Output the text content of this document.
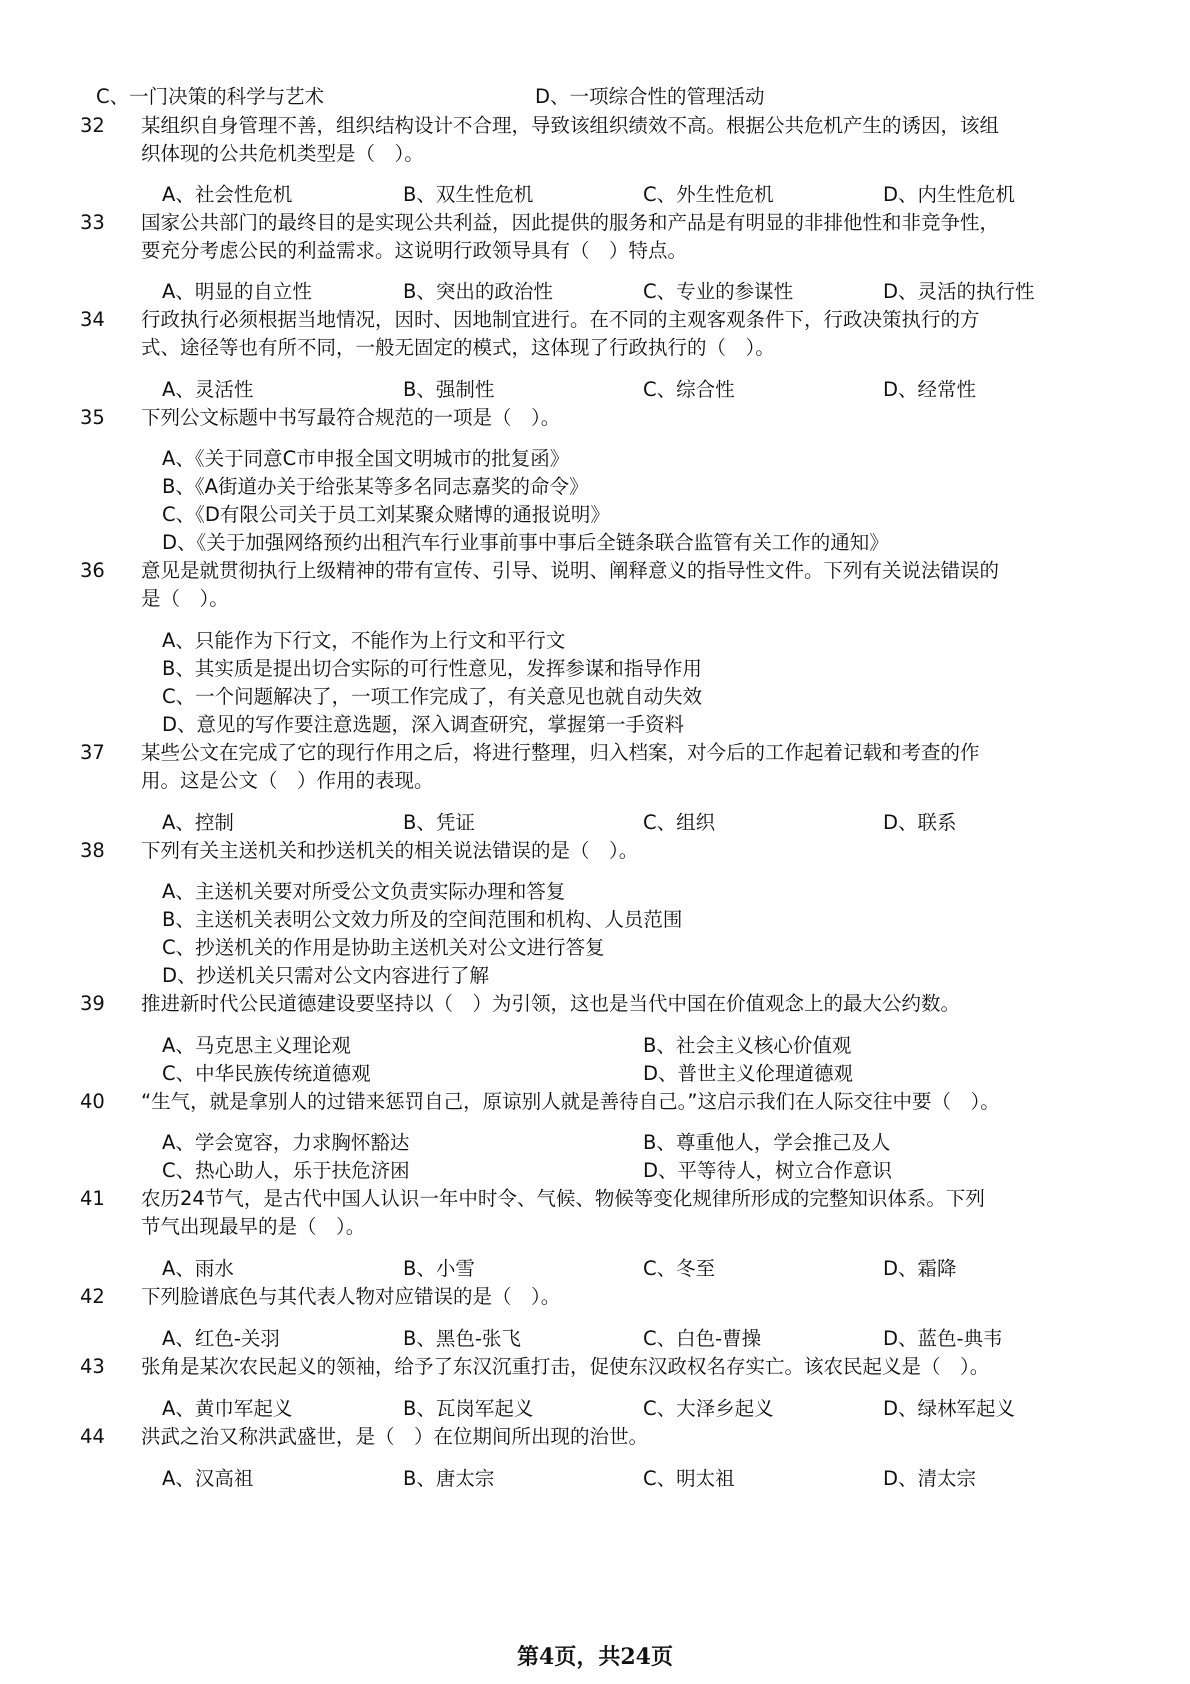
C、一门决策的科学与艺术	D、一项综合性的管理活动
32 某组织自身管理不善，组织结构设计不合理，导致该组织绩效不高。根据公共危机产生的诱因，该组
织体现的公共危机类型是（　）。
A、社会性危机	B、双生性危机	C、外生性危机	D、内生性危机
33 国家公共部门的最终目的是实现公共利益，因此提供的服务和产品是有明显的非排他性和非竞争性，
要充分考虑公民的利益需求。这说明行政领导具有（　）特点。
A、明显的自立性	B、突出的政治性	C、专业的参谋性	D、灵活的执行性
34 行政执行必须根据当地情况，因时、因地制宜进行。在不同的主观客观条件下，行政决策执行的方
式、途径等也有所不同，一般无固定的模式，这体现了行政执行的（　）。
A、灵活性	B、强制性	C、综合性	D、经常性
35 下列公文标题中书写最符合规范的一项是（　）。
A、《关于同意C市申报全国文明城市的批复函》
B、《A街道办关于给张某等多名同志嘉奖的命令》
C、《D有限公司关于员工刘某聚众赌博的通报说明》
D、《关于加强网络预约出租汽车行业事前事中事后全链条联合监管有关工作的通知》
36 意见是就贯彻执行上级精神的带有宣传、引导、说明、阐释意义的指导性文件。下列有关说法错误的
是（　）。
A、只能作为下行文，不能作为上行文和平行文
B、其实质是提出切合实际的可行性意见，发挥参谋和指导作用
C、一个问题解决了，一项工作完成了，有关意见也就自动失效
D、意见的写作要注意选题，深入调查研究，掌握第一手资料
37 某些公文在完成了它的现行作用之后，将进行整理，归入档案，对今后的工作起着记载和考查的作
用。这是公文（　）作用的表现。
A、控制	B、凭证	C、组织	D、联系
38 下列有关主送机关和抄送机关的相关说法错误的是（　）。
A、主送机关要对所受公文负责实际办理和答复
B、主送机关表明公文效力所及的空间范围和机构、人员范围
C、抄送机关的作用是协助主送机关对公文进行答复
D、抄送机关只需对公文内容进行了解
39 推进新时代公民道德建设要坚持以（　）为引领，这也是当代中国在价值观念上的最大公约数。
A、马克思主义理论观	B、社会主义核心价值观
C、中华民族传统道德观	D、普世主义伦理道德观
40 “生气，就是拿别人的过错来惩罚自己，原谅别人就是善待自己。”这启示我们在人际交往中要（　）。
A、学会宽容，力求胸怀豁达	B、尊重他人，学会推己及人
C、热心助人，乐于扶危济困	D、平等待人，树立合作意识
41 农历24节气，是古代中国人认识一年中时令、气候、物候等变化规律所形成的完整知识体系。下列
节气出现最早的是（　）。
A、雨水	B、小雪	C、冬至	D、霜降
42 下列脸谱底色与其代表人物对应错误的是（　）。
A、红色-关羽	B、黑色-张飞	C、白色-曹操	D、蓝色-典韦
43 张角是某次农民起义的领袖，给予了东汉沉重打击，促使东汉政权名存实亡。该农民起义是（　）。
A、黄巾军起义	B、瓦岗军起义	C、大泽乡起义	D、绿林军起义
44 洪武之治又称洪武盛世，是（　）在位期间所出现的治世。
A、汉高祖	B、唐太宗	C、明太祖	D、清太宗
第4页，共24页
